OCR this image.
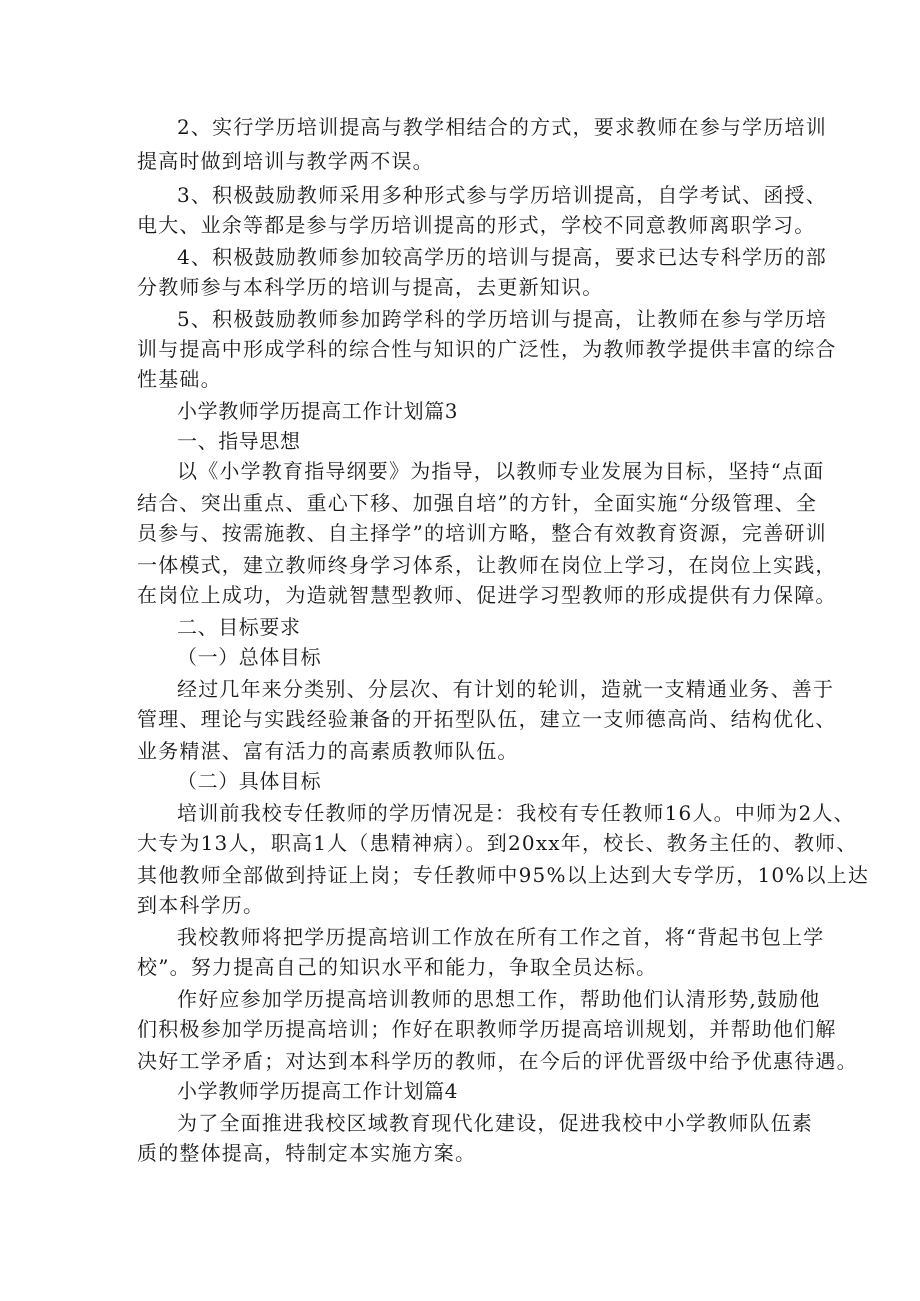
2、实行学历培训提高与教学相结合的方式，要求教师在参与学历培训

提高时做到培训与教学两不误。

3、积极鼓励教师采用多种形式参与学历培训提高，自学考试、函授、

电大、业余等都是参与学历培训提高的形式，学校不同意教师离职学习。

4、积极鼓励教师参加较高学历的培训与提高，要求已达专科学历的部

分教师参与本科学历的培训与提高，去更新知识。

5、积极鼓励教师参加跨学科的学历培训与提高，让教师在参与学历培

训与提高中形成学科的综合性与知识的广泛性，为教师教学提供丰富的综合

性基础。

小学教师学历提高工作计划篇3

一、指导思想

以《小学教育指导纲要》为指导，以教师专业发展为目标，坚持“点面

结合、突出重点、重心下移、加强自培”的方针，全面实施“分级管理、全

员参与、按需施教、自主择学”的培训方略，整合有效教育资源，完善研训

一体模式，建立教师终身学习体系，让教师在岗位上学习，在岗位上实践，

在岗位上成功，为造就智慧型教师、促进学习型教师的形成提供有力保障。

二、目标要求

（一）总体目标

经过几年来分类别、分层次、有计划的轮训，造就一支精通业务、善于

管理、理论与实践经验兼备的开拓型队伍，建立一支师德高尚、结构优化、

业务精湛、富有活力的高素质教师队伍。

（二）具体目标

培训前我校专任教师的学历情况是：我校有专任教师16人。中师为2人、

大专为13人，职高1人（患精神病）。到20xx年，校长、教务主任的、教师、

其他教师全部做到持证上岗；专任教师中95%以上达到大专学历，10%以上达

到本科学历。

我校教师将把学历提高培训工作放在所有工作之首，将“背起书包上学

校”。努力提高自己的知识水平和能力，争取全员达标。

作好应参加学历提高培训教师的思想工作，帮助他们认清形势,鼓励他

们积极参加学历提高培训；作好在职教师学历提高培训规划，并帮助他们解

决好工学矛盾；对达到本科学历的教师，在今后的评优晋级中给予优惠待遇。

小学教师学历提高工作计划篇4

为了全面推进我校区域教育现代化建设，促进我校中小学教师队伍素

质的整体提高，特制定本实施方案。
